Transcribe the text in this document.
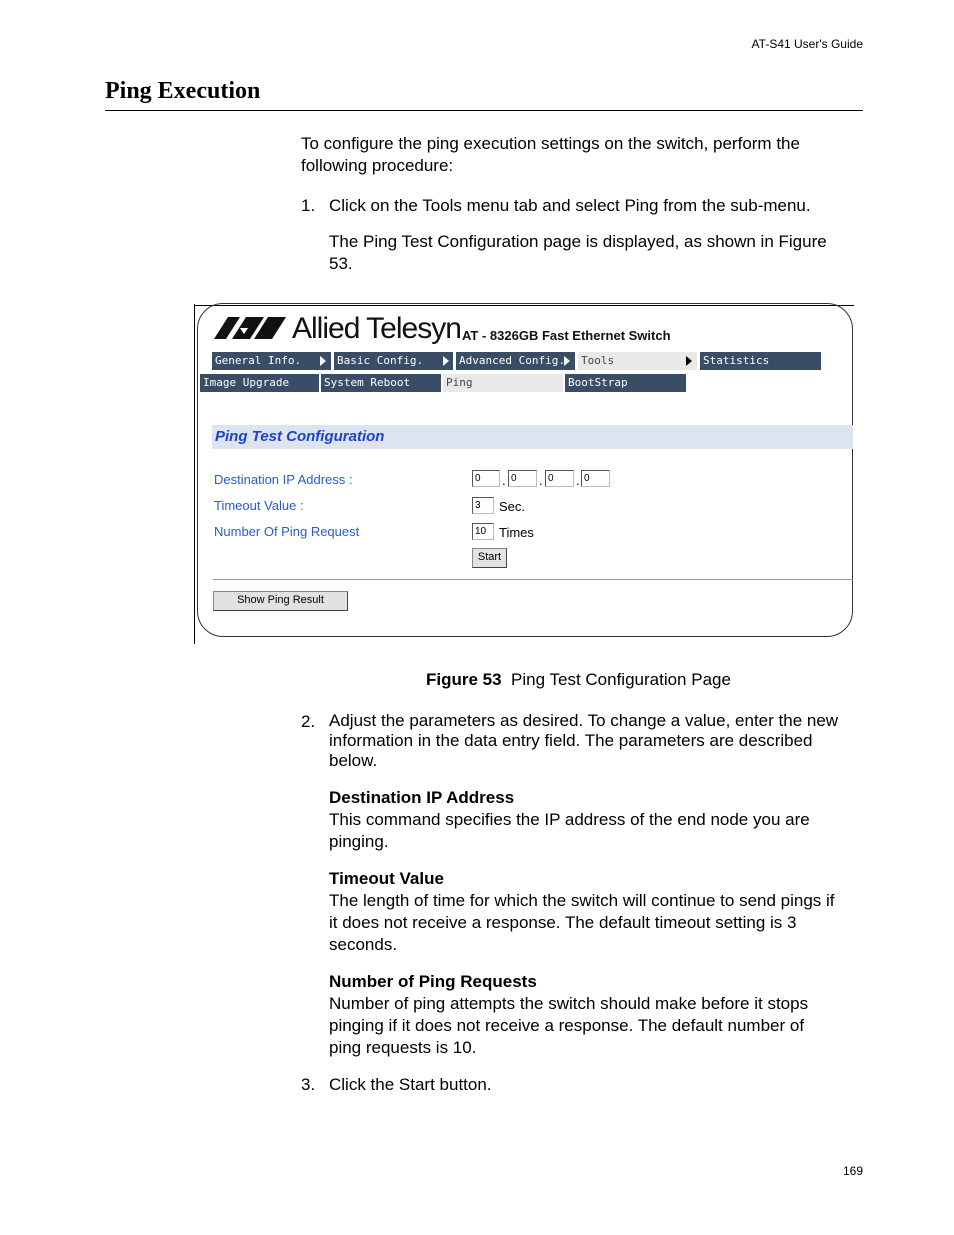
AT-S41 User's Guide
Ping Execution
To configure the ping execution settings on the switch, perform the following procedure:
1. Click on the Tools menu tab and select Ping from the sub-menu.
The Ping Test Configuration page is displayed, as shown in Figure 53.
Allied Telesyn AT - 8326GB Fast Ethernet Switch
General Info.	Basic Config.	Advanced Config.	Tools	Statistics
Image Upgrade	System Reboot	Ping	BootStrap
Ping Test Configuration
Destination IP Address :	0	. 0	. 0	. 0
Timeout Value :	3	Sec.
Number Of Ping Request	10 Times
Start
Show Ping Result
Figure 53 Ping Test Configuration Page
2. Adjust the parameters as desired. To change a value, enter the new information in the data entry field. The parameters are described below.
Destination IP Address
This command specifies the IP address of the end node you are pinging.
Timeout Value
The length of time for which the switch will continue to send pings if it does not receive a response. The default timeout setting is 3 seconds.
Number of Ping Requests
Number of ping attempts the switch should make before it stops pinging if it does not receive a response. The default number of ping requests is 10.
3. Click the Start button.
169
